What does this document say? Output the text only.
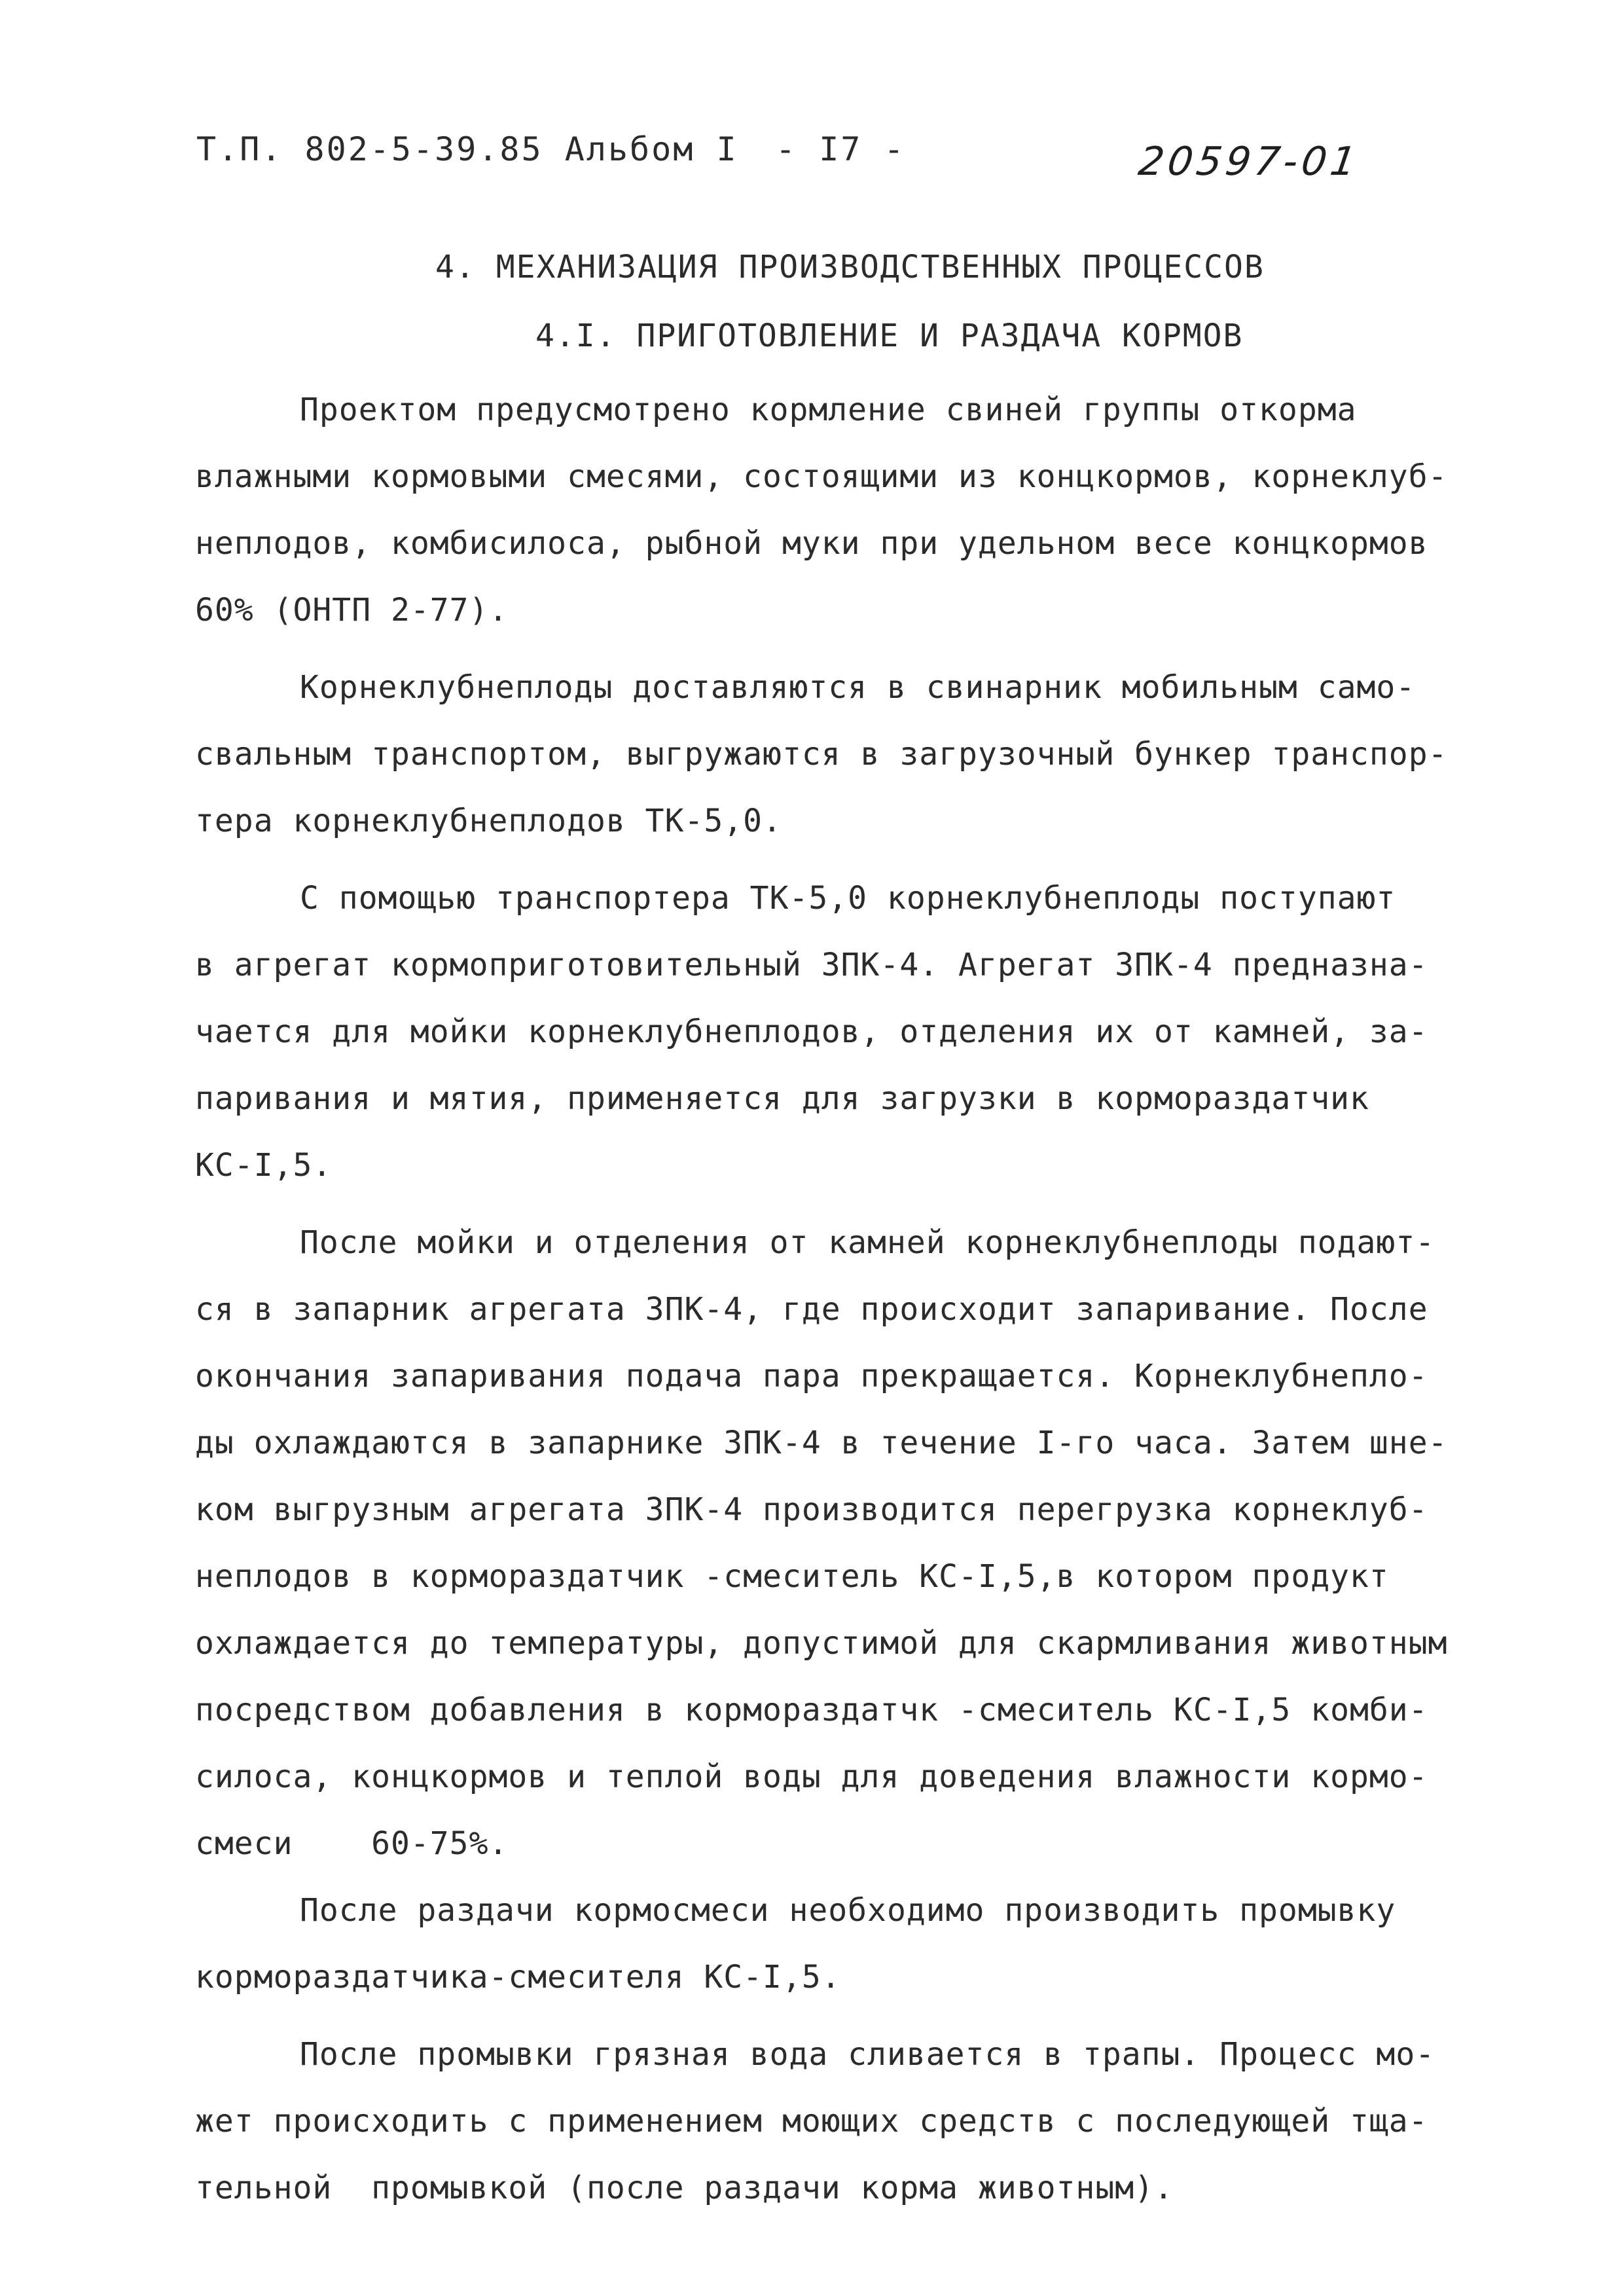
Т.П. 802-5-39.85 Альбом I - I7 -	20597-01
4. МЕХАНИЗАЦИЯ ПРОИЗВОДСТВЕННЫХ ПРОЦЕССОВ
4.I. ПРИГОТОВЛЕНИЕ И РАЗДАЧА КОРМОВ
Проектом предусмотрено кормление свиней группы откорма
влажными кормовыми смесями, состоящими из концкормов, корнеклуб-
неплодов, комбисилоса, рыбной муки при удельном весе концкормов
60% (ОНТП 2-77).
Корнеклубнеплоды доставляются в свинарник мобильным само-
свальным транспортом, выгружаются в загрузочный бункер транспор-
тера корнеклубнеплодов ТК-5,0.
С помощью транспортера ТК-5,0 корнеклубнеплоды поступают
в агрегат кормоприготовительный ЗПК-4. Агрегат ЗПК-4 предназна-
чается для мойки корнеклубнеплодов, отделения их от камней, за-
паривания и мятия, применяется для загрузки в кормораздатчик
КС-I,5.
После мойки и отделения от камней корнеклубнеплоды подают-
ся в запарник агрегата ЗПК-4, где происходит запаривание. После
окончания запаривания подача пара прекращается. Корнеклубнепло-
ды охлаждаются в запарнике ЗПК-4 в течение I-го часа. Затем шне-
ком выгрузным агрегата ЗПК-4 производится перегрузка корнеклуб-
неплодов в кормораздатчик -смеситель КС-I,5,в котором продукт
охлаждается до температуры, допустимой для скармливания животным
посредством добавления в кормораздатчк -смеситель КС-I,5 комби-
силоса, концкормов и теплой воды для доведения влажности кормо-
смеси    60-75%.
После раздачи кормосмеси необходимо производить промывку
кормораздатчика-смесителя КС-I,5.
После промывки грязная вода сливается в трапы. Процесс мо-
жет происходить с применением моющих средств с последующей тща-
тельной  промывкой (после раздачи корма животным).
